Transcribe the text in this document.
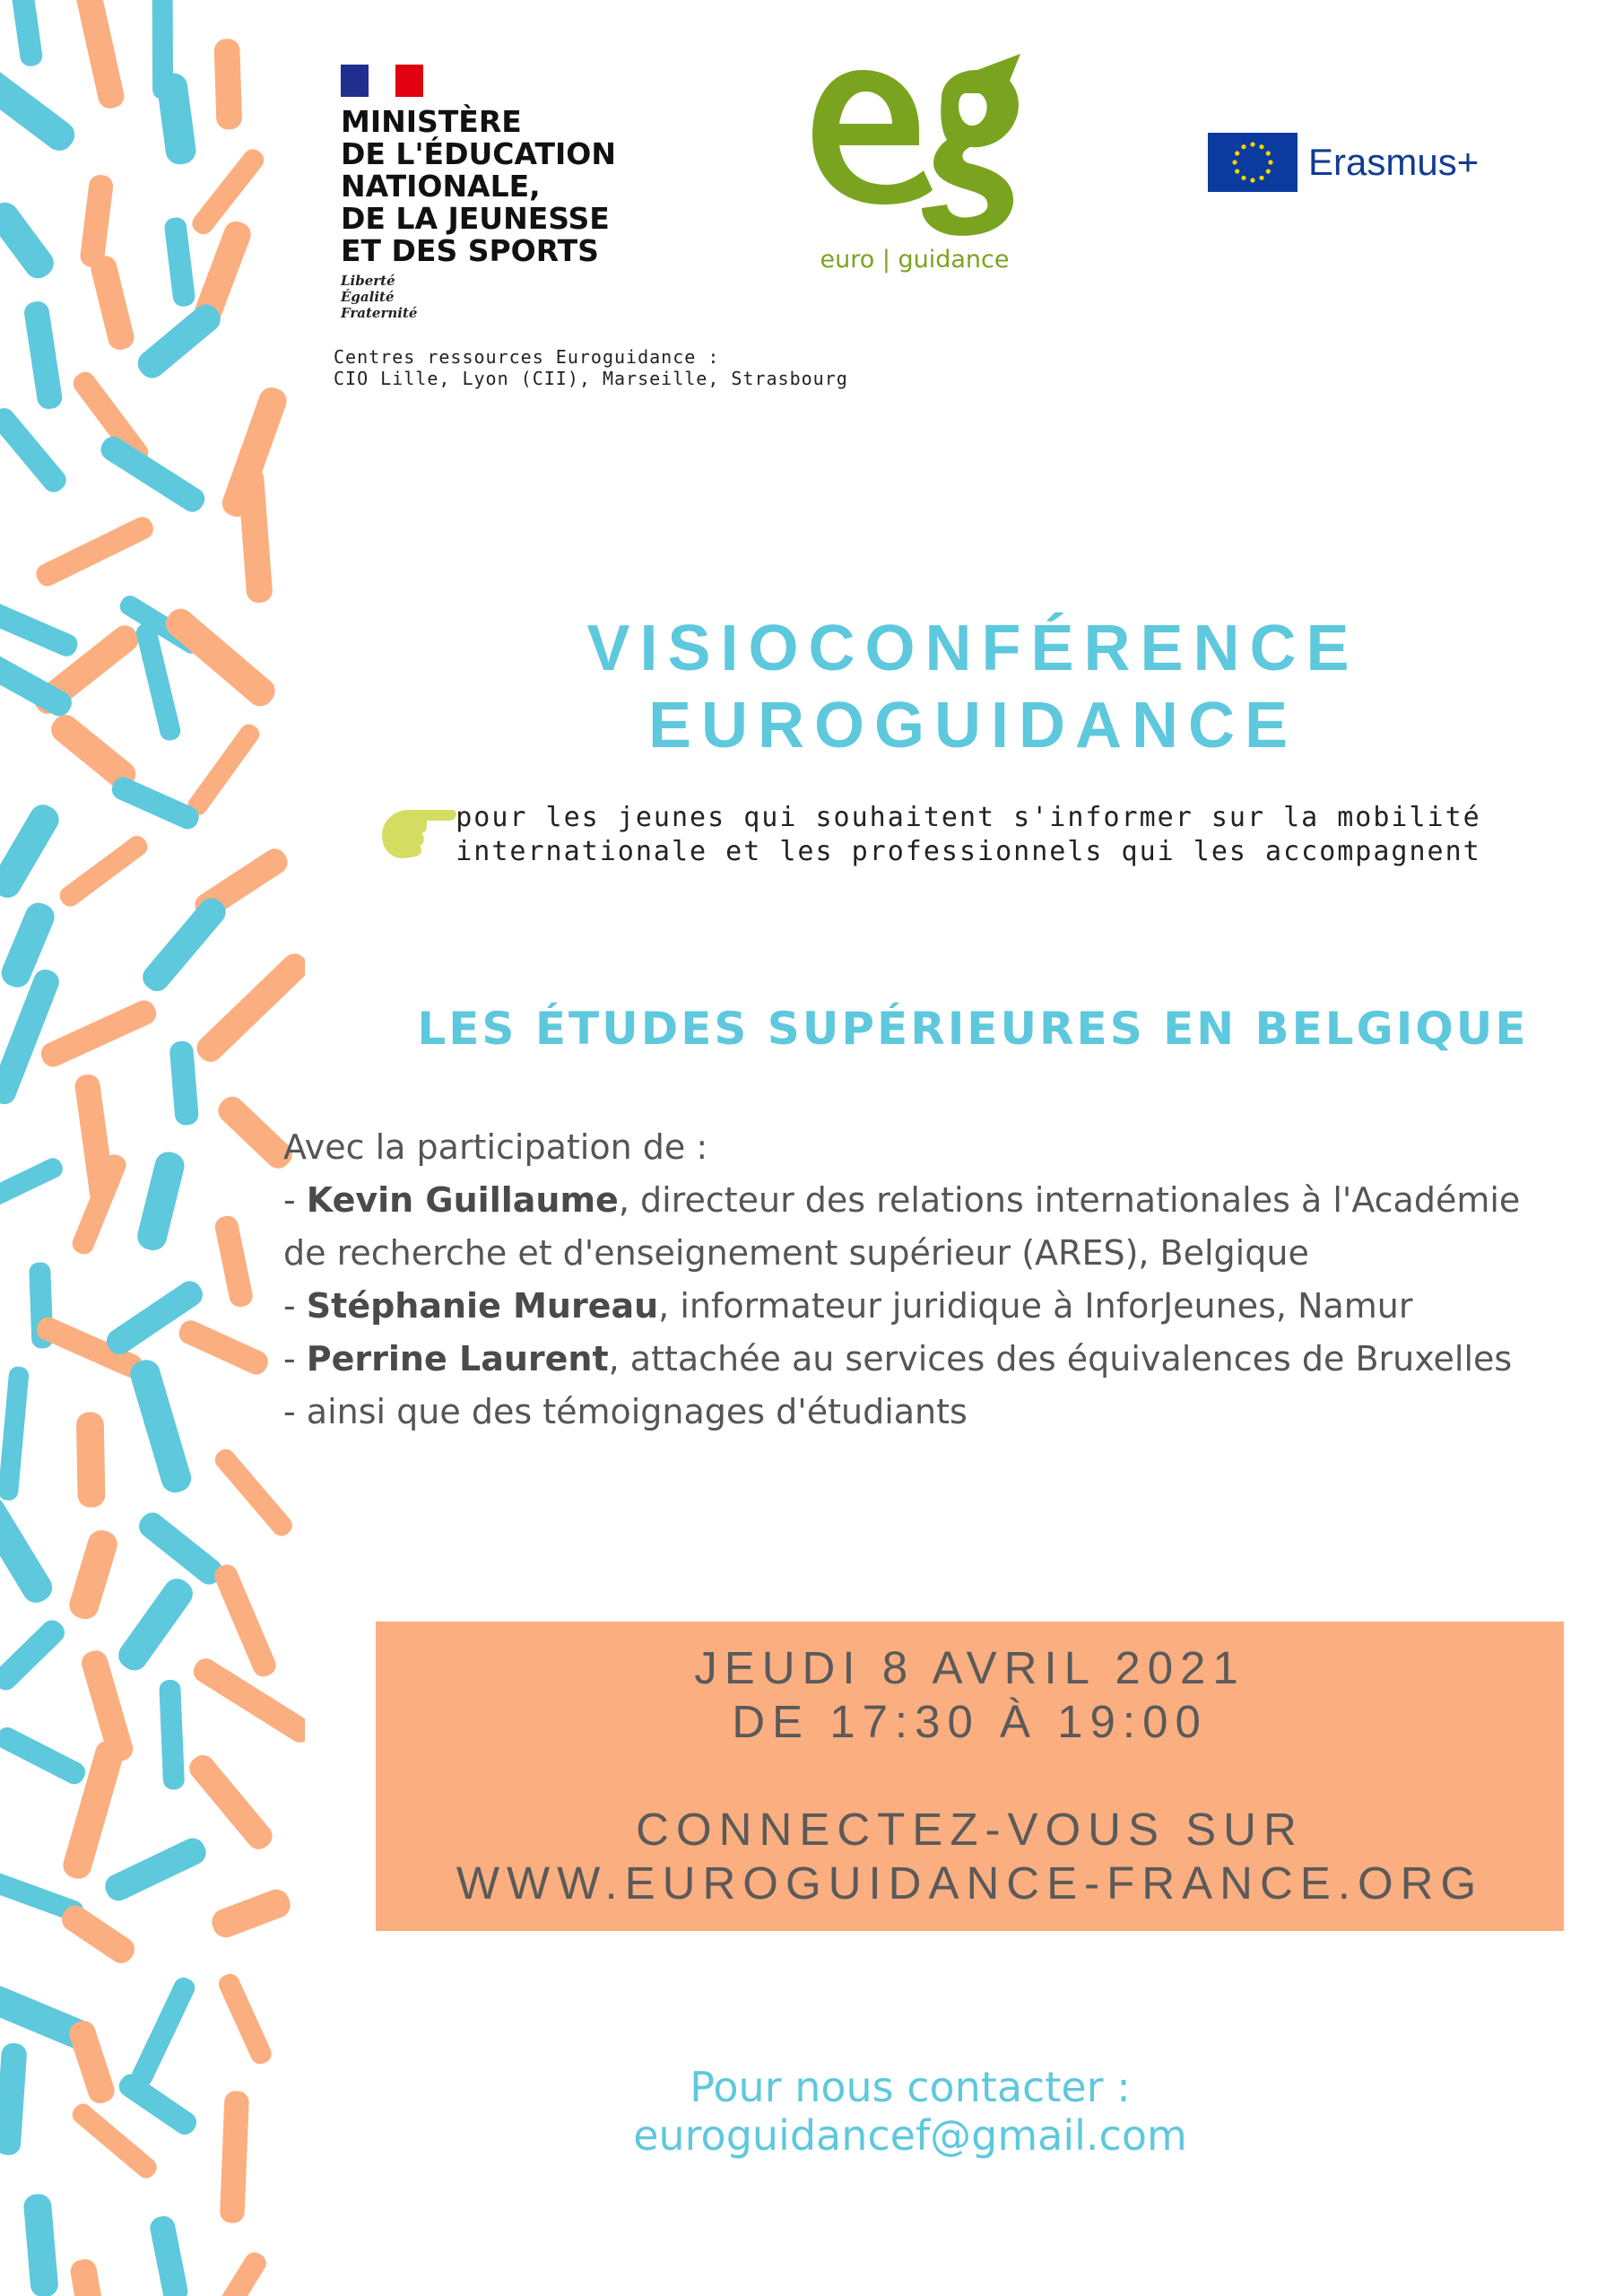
MINISTÈRE
DE L'ÉDUCATION
NATIONALE,
DE LA JEUNESSE
ET DES SPORTS
Liberté
Égalité
Fraternité
Centres ressources Euroguidance :
CIO Lille, Lyon (CII), Marseille, Strasbourg
euro | guidance
Erasmus+
VISIOCONFÉRENCE
EUROGUIDANCE
pour les jeunes qui souhaitent s'informer sur la mobilité
internationale et les professionnels qui les accompagnent
LES ÉTUDES SUPÉRIEURES EN BELGIQUE
Avec la participation de :
- Kevin Guillaume, directeur des relations internationales à l'Académie
de recherche et d'enseignement supérieur (ARES), Belgique
- Stéphanie Mureau, informateur juridique à InforJeunes, Namur
- Perrine Laurent, attachée au services des équivalences de Bruxelles
- ainsi que des témoignages d'étudiants
JEUDI 8 AVRIL 2021
DE 17:30 À 19:00
CONNECTEZ-VOUS SUR
WWW.EUROGUIDANCE-FRANCE.ORG
Pour nous contacter :
euroguidancef@gmail.com
